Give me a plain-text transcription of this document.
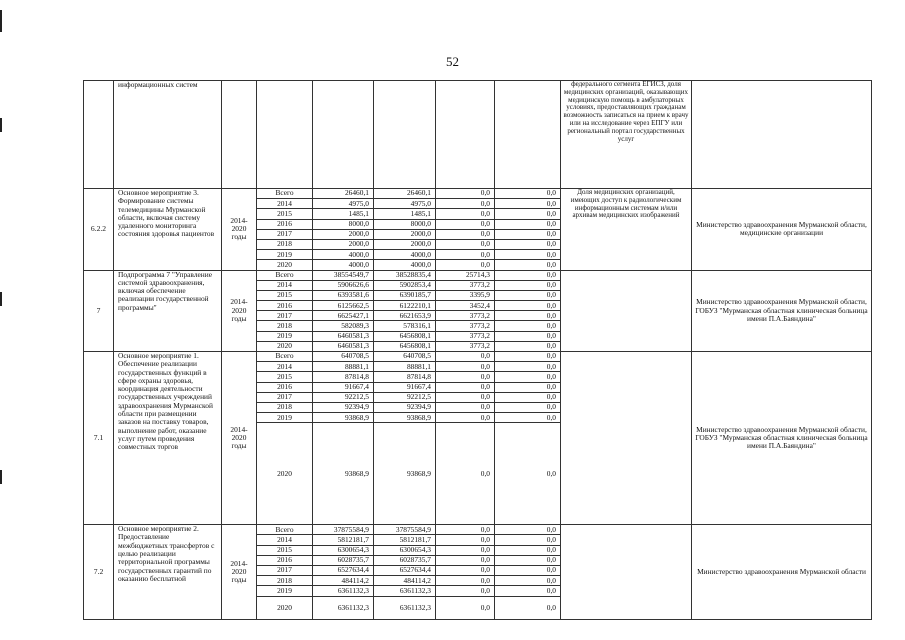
52
	информационных систем							федерального сегмента ЕГИСЗ, доля медицинских организаций, оказывающих медицинскую помощь в амбулаторных условиях, предоставляющих гражданам возможность записаться на прием к врачу или на исследование через ЕПГУ или региональный портал государственных услуг	
6.2.2	Основное мероприятие 3. Формирование системы телемедицины Мурманской области, включая систему удаленного мониторинга состояния здоровья пациентов	2014-2020 годы	Всего	26460,1	26460,1	0,0	0,0	Доля медицинских организаций, имеющих доступ к радиологическим информационным системам и/или архивам медицинских изображений	Министерство здравоохранения Мурманской области, медицинские организации
			2014	4975,0	4975,0	0,0	0,0		
			2015	1485,1	1485,1	0,0	0,0		
			2016	8000,0	8000,0	0,0	0,0		
			2017	2000,0	2000,0	0,0	0,0		
			2018	2000,0	2000,0	0,0	0,0		
			2019	4000,0	4000,0	0,0	0,0		
			2020	4000,0	4000,0	0,0	0,0		
7	Подпрограмма 7 "Управление системой здравоохранения, включая обеспечение реализации государственной программы"	2014-2020 годы	Всего	38554549,7	38528835,4	25714,3	0,0		Министерство здравоохранения Мурманской области, ГОБУЗ "Мурманская областная клиническая больница имени П.А.Баяндина"
			2014	5906626,6	5902853,4	3773,2	0,0		
			2015	6393581,6	6390185,7	3395,9	0,0		
			2016	6125662,5	6122210,1	3452,4	0,0		
			2017	6625427,1	6621653,9	3773,2	0,0		
			2018	582089,3	578316,1	3773,2	0,0		
			2019	6460581,3	6456808,1	3773,2	0,0		
			2020	6460581,3	6456808,1	3773,2	0,0		
7.1	Основное мероприятие 1. Обеспечение реализации государственных функций в сфере охраны здоровья, координация деятельности государственных учреждений здравоохранения Мурманской области при размещении заказов на поставку товаров, выполнение работ, оказание услуг путем проведения совместных торгов	2014-2020 годы	Всего	640708,5	640708,5	0,0	0,0		Министерство здравоохранения Мурманской области, ГОБУЗ "Мурманская областная клиническая больница имени П.А.Баяндина"
			2014	88881,1	88881,1	0,0	0,0		
			2015	87814,8	87814,8	0,0	0,0		
			2016	91667,4	91667,4	0,0	0,0		
			2017	92212,5	92212,5	0,0	0,0		
			2018	92394,9	92394,9	0,0	0,0		
			2019	93868,9	93868,9	0,0	0,0		
			2020	93868,9	93868,9	0,0	0,0		
7.2	Основное мероприятие 2. Предоставление межбюджетных трансфертов с целью реализации территориальной программы государственных гарантий по оказанию бесплатной	2014-2020 годы	Всего	37875584,9	37875584,9	0,0	0,0		Министерство здравоохранения Мурманской области
			2014	5812181,7	5812181,7	0,0	0,0		
			2015	6300654,3	6300654,3	0,0	0,0		
			2016	6028735,7	6028735,7	0,0	0,0		
			2017	6527634,4	6527634,4	0,0	0,0		
			2018	484114,2	484114,2	0,0	0,0		
			2019	6361132,3	6361132,3	0,0	0,0		
			2020	6361132,3	6361132,3	0,0	0,0		
